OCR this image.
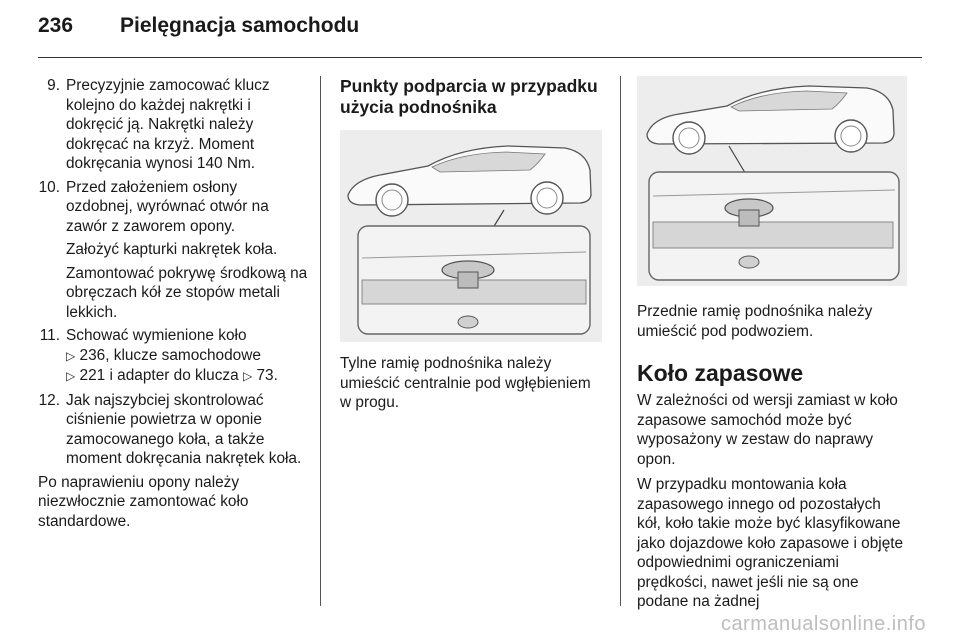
236 Pielęgnacja samochodu
9. Precyzyjnie zamocować klucz kolejno do każdej nakrętki i dokręcić ją. Nakrętki należy dokręcać na krzyż. Moment dokręcania wynosi 140 Nm.

10. Przed założeniem osłony ozdobnej, wyrównać otwór na zawór z zaworem opony.

Założyć kapturki nakrętek koła.

Zamontować pokrywę środkową na obręczach kół ze stopów metali lekkich.

11. Schować wymienione koło
▷ 236, klucze samochodowe
▷ 221 i adapter do klucza ▷ 73.

12. Jak najszybciej skontrolować ciśnienie powietrza w oponie zamocowanego koła, a także moment dokręcania nakrętek koła.

Po naprawieniu opony należy niezwłocznie zamontować koło standardowe.

Punkty podparcia w przypadku użycia podnośnika

Tylne ramię podnośnika należy umieścić centralnie pod wgłębieniem w progu.

Przednie ramię podnośnika należy umieścić pod podwoziem.

Koło zapasowe

W zależności od wersji zamiast w koło zapasowe samochód może być wyposażony w zestaw do naprawy opon.

W przypadku montowania koła zapasowego innego od pozostałych kół, koło takie może być klasyfikowane jako dojazdowe koło zapasowe i objęte odpowiednimi ograniczeniami prędkości, nawet jeśli nie są one podane na żadnej

carmanualsonline.info
